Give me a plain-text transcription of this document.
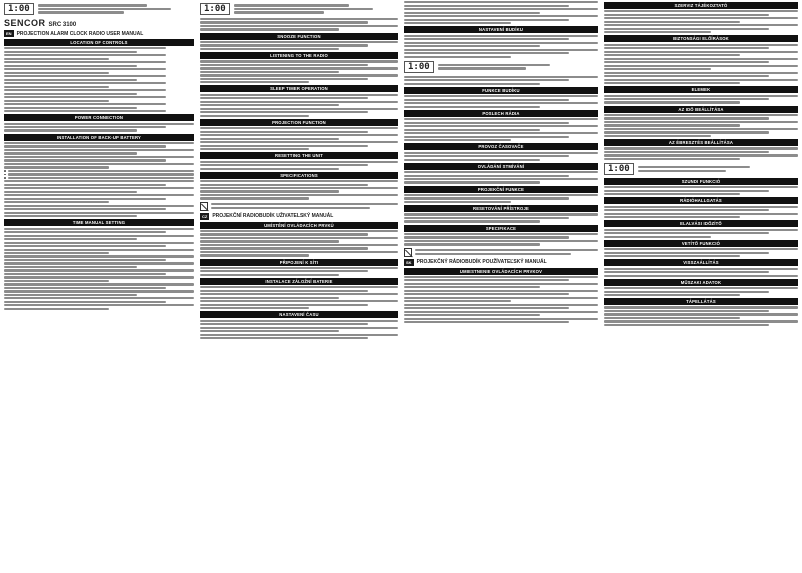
1:00
SENCOR SRC 3100
EN	PROJECTION ALARM CLOCK RADIO USER MANUAL
LOCATION OF CONTROLS
POWER CONNECTION
INSTALLATION OF BACK-UP BATTERY
TIME MANUAL SETTING
1:00
SNOOZE FUNCTION
LISTENING TO THE RADIO
SLEEP TIMER OPERATION
PROJECTION FUNCTION
RESETTING THE UNIT
SPECIFICATIONS
CZ	PROJEKČNÍ RADIOBUDÍK UŽIVATELSKÝ MANUÁL
UMÍSTĚNÍ OVLÁDACÍCH PRVKŮ
PŘIPOJENÍ K SÍTI
INSTALACE ZÁLOŽNÍ BATERIE
NASTAVENÍ ČASU
NASTAVENÍ BUDÍKU
1:00
FUNKCE BUDÍKU
POSLECH RÁDIA
PROVOZ ČASOVAČE
OVLÁDÁNÍ STMÍVÁNÍ
PROJEKČNÍ FUNKCE
RESETOVÁNÍ PŘÍSTROJE
SPECIFIKACE
SK	PROJEKČNÝ RÁDIOBUDÍK POUŽÍVATEĽSKÝ MANUÁL
UMIESTNENIE OVLÁDACÍCH PRVKOV
SZERVIZ TÁJÉKOZTATÓ
BIZTONSÁGI ELŐÍRÁSOK
ELEMEK
AZ IDŐ BEÁLLÍTÁSA
AZ ÉBRESZTÉS BEÁLLÍTÁSA
1:00
SZUNDI FUNKCIÓ
RÁDIÓHALLGATÁS
ELALVÁSI IDŐZÍTŐ
VETÍTŐ FUNKCIÓ
VISSZAÁLLÍTÁS
MŰSZAKI ADATOK
TÁPELLÁTÁS
